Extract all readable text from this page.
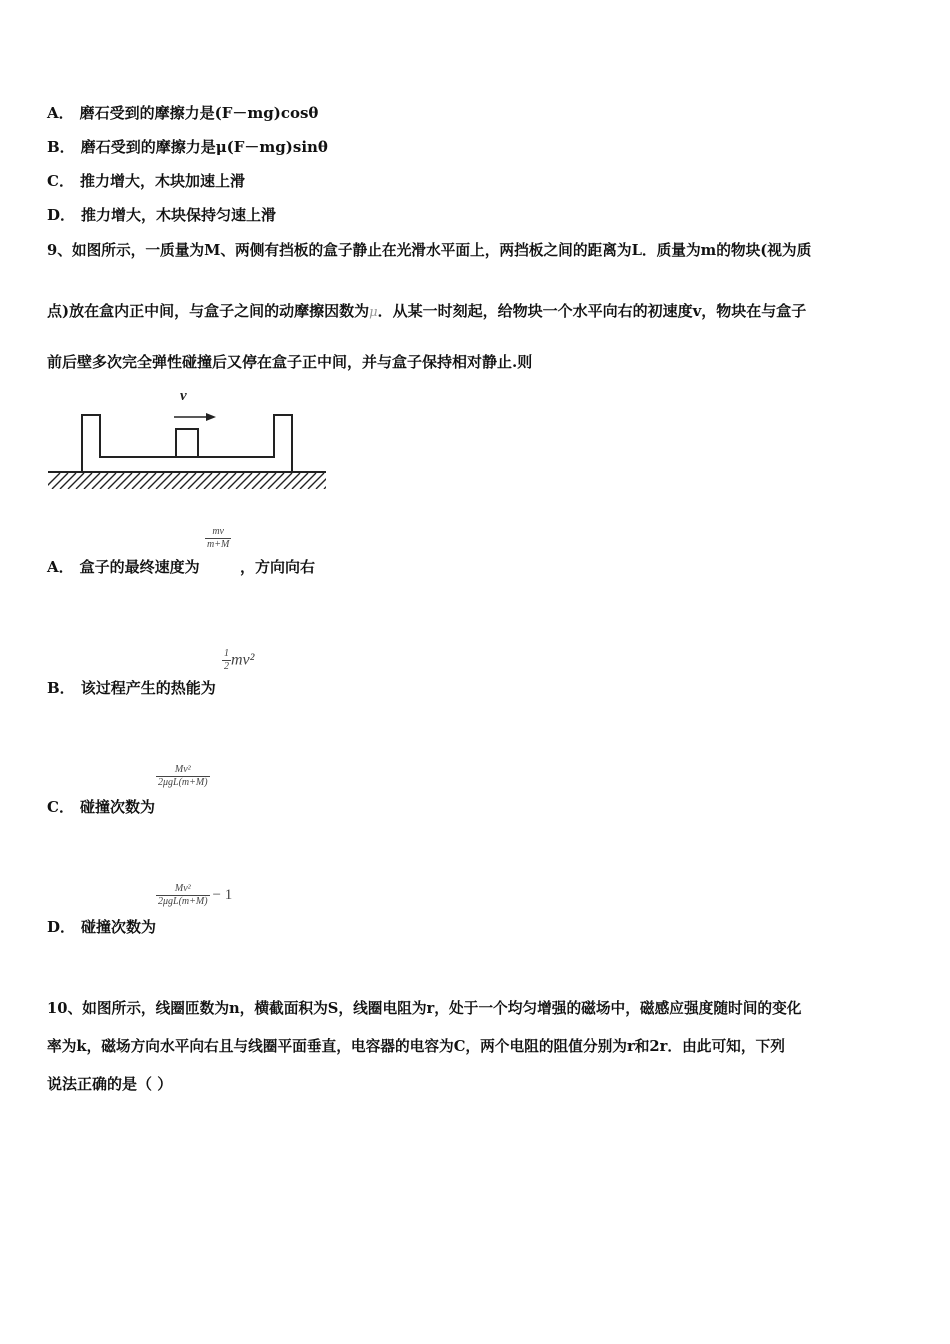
A． 磨石受到的摩擦力是(F－mg)cosθ
B． 磨石受到的摩擦力是μ(F－mg)sinθ
C． 推力增大，木块加速上滑
D． 推力增大，木块保持匀速上滑
9、如图所示，一质量为M、两侧有挡板的盒子静止在光滑水平面上，两挡板之间的距离为L．质量为m的物块(视为质
点)放在盒内正中间，与盒子之间的动摩擦因数为μ．从某一时刻起，给物块一个水平向右的初速度v，物块在与盒子
前后壁多次完全弹性碰撞后又停在盒子正中间，并与盒子保持相对静止.则
v
A． 盒子的最终速度为
$\frac{mv}{m+M}$
，方向向右
B． 该过程产生的热能为
$\frac{1}{2} mv^2$
C． 碰撞次数为
$\frac{\text{Mv²}}{\text{2μgL(m+M)}}$
D． 碰撞次数为
$\frac{\text{Mv²}}{\text{2μgL(m+M)}} - 1$
10、如图所示，线圈匝数为n，横截面积为S，线圈电阻为r，处于一个均匀增强的磁场中，磁感应强度随时间的变化
率为k，磁场方向水平向右且与线圈平面垂直，电容器的电容为C，两个电阻的阻值分别为r和2r．由此可知，下列
说法正确的是（ ）
